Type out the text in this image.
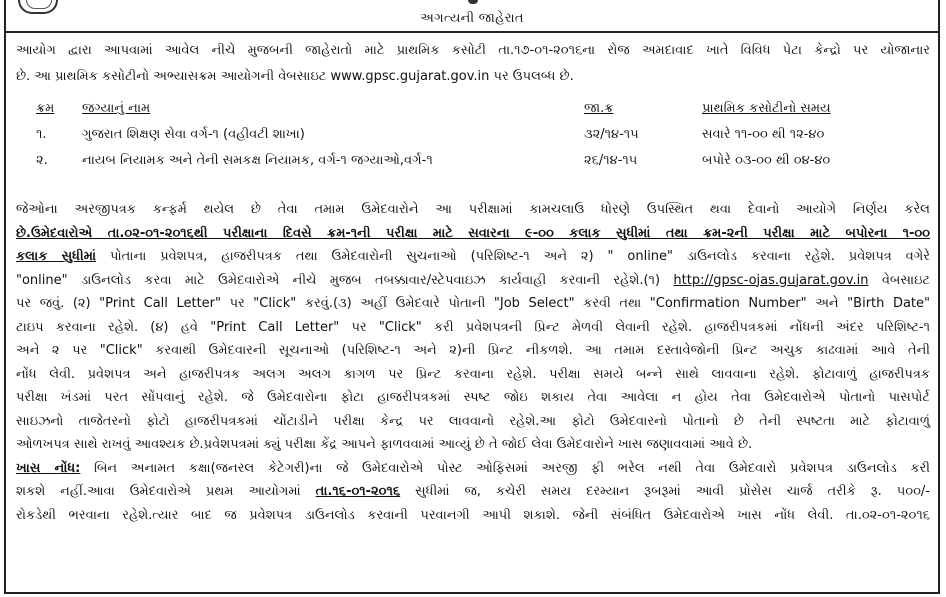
અગત્યની જાહેરાત
આયોગ દ્વારા આપવામાં આવેલ નીચે મુજબની જાહેરાતો માટે પ્રાથમિક કસોટી તા.૧૭-૦૧-૨૦૧૬ના રોજ અમદાવાદ ખાતે વિવિધ પેટા કેન્દ્રો પર યોજાનાર
છે. આ પ્રાથમિક કસોટીનો અભ્યાસક્રમ આયોગની વેબસાઇટ www.gpsc.gujarat.gov.in પર ઉપલબ્ધ છે.
ક્રમ જગ્યાનું નામ	જા.ક્ર	પ્રાથમિક કસોટીનો સમય
૧.	ગુજરાત શિક્ષણ સેવા વર્ગ-૧ (વહીવટી શાખા)	૩૨/૧૪-૧૫	સવારે ૧૧-૦૦ થી ૧૨-૪૦
૨.	નાયબ નિયામક અને તેની સમકક્ષ નિયામક, વર્ગ-૧ જગ્યાઓ,વર્ગ-૧	૨૬/૧૪-૧૫	બપોરે ૦૩-૦૦ થી ૦૪-૪૦
જેઓના અરજીપત્રક કન્ફર્મ થયેલ છે તેવા તમામ ઉમેદવારોને આ પરીક્ષામાં કામચલાઉ ધોરણે ઉપસ્થિત થવા દેવાનો આયોગે નિર્ણય કરેલ
છે.ઉમેદવારોએ તા.૦૨-૦૧-૨૦૧૬થી પરીક્ષાના દિવસે ક્રમ-૧ની પરીક્ષા માટે સવારના ૯-૦૦ કલાક સુધીમાં તથા ક્રમ-૨ની પરીક્ષા માટે બપોરના ૧-૦૦
કલાક સુધીમાં પોતાના પ્રવેશપત્ર, હાજરીપત્રક તથા ઉમેદવારોની સુચનાઓ (પરિશિષ્ટ-૧ અને ૨) " online" ડાઉનલોડ કરવાના રહેશે. પ્રવેશપત્ર વગેરે
"online" ડાઉનલોડ કરવા માટે ઉમેદવારોએ નીચે મુજબ તબક્કાવાર/સ્ટેપવાઇઝ કાર્યવાહી કરવાની રહેશે.(૧) http://gpsc-ojas.gujarat.gov.in વેબસાઇટ
પર જવું. (૨) "Print Call Letter" પર "Click" કરવું.(૩) અહીં ઉમેદવારે પોતાની "Job Select" કરવી તથા "Confirmation Number" અને "Birth Date"
ટાઇપ કરવાના રહેશે. (૪) હવે "Print Call Letter" પર "Click" કરી પ્રવેશપત્રની પ્રિન્ટ મેળવી લેવાની રહેશે. હાજરીપત્રકમાં નોંધની અંદર પરિશિષ્ટ-૧
અને ૨ પર "Click" કરવાથી ઉમેદવારની સૂચનાઓ (પરિશિષ્ટ-૧ અને ૨)ની પ્રિન્ટ નીકળશે. આ તમામ દસ્તાવેજોની પ્રિન્ટ અચુક કાઢવામાં આવે તેની
નોંધ લેવી. પ્રવેશપત્ર અને હાજરીપત્રક અલગ અલગ કાગળ પર પ્રિન્ટ કરવાના રહેશે. પરીક્ષા સમયે બન્ને સાથે લાવવાના રહેશે. ફોટાવાળું હાજરીપત્રક
પરીક્ષા ખંડમાં પરત સોંપવાનું રહેશે. જે ઉમેદવારોના ફોટા હાજરીપત્રકમાં સ્પષ્ટ જોઇ શકાય તેવા આવેલા ન હોય તેવા ઉમેદવારોએ પોતાનો પાસપોર્ટ
સાઇઝનો તાજેતરનો ફોટો હાજરીપત્રકમાં ચોંટાડીને પરીક્ષા કેન્દ્ર પર લાવવાનો રહેશે.આ ફોટો ઉમેદવારનો પોતાનો છે તેની સ્પષ્ટતા માટે ફોટાવાળું
ઓળખપત્ર સાથે રાખવું આવશ્યક છે.પ્રવેશપત્રમાં ક્યું પરીક્ષા કેંદ્ર આપને ફાળવવામાં આવ્યું છે તે જોઈ લેવા ઉમેદવારોને ખાસ જણાવવામાં આવે છે.
ખાસ નોંધ: બિન અનામત કક્ષા(જનરલ કેટેગરી)ના જે ઉમેદવારોએ પોસ્ટ ઓફિસમાં અરજી ફી ભરેલ નથી તેવા ઉમેદવારો પ્રવેશપત્ર ડાઉનલોડ કરી
શકશે નહીં.આવા ઉમેદવારોએ પ્રથમ આયોગમાં તા.૧૬-૦૧-૨૦૧૬ સુધીમાં જ, કચેરી સમય દરમ્યાન રૂબરૂમાં આવી પ્રોસેસ ચાર્જ તરીકે રૂ. ૫૦૦/-
રોકડેથી ભરવાના રહેશે.ત્યાર બાદ જ પ્રવેશપત્ર ડાઉનલોડ કરવાની પરવાનગી આપી શકાશે. જેની સંબંધિત ઉમેદવારોએ ખાસ નોંધ લેવી. તા.૦૨-૦૧-૨૦૧૬
